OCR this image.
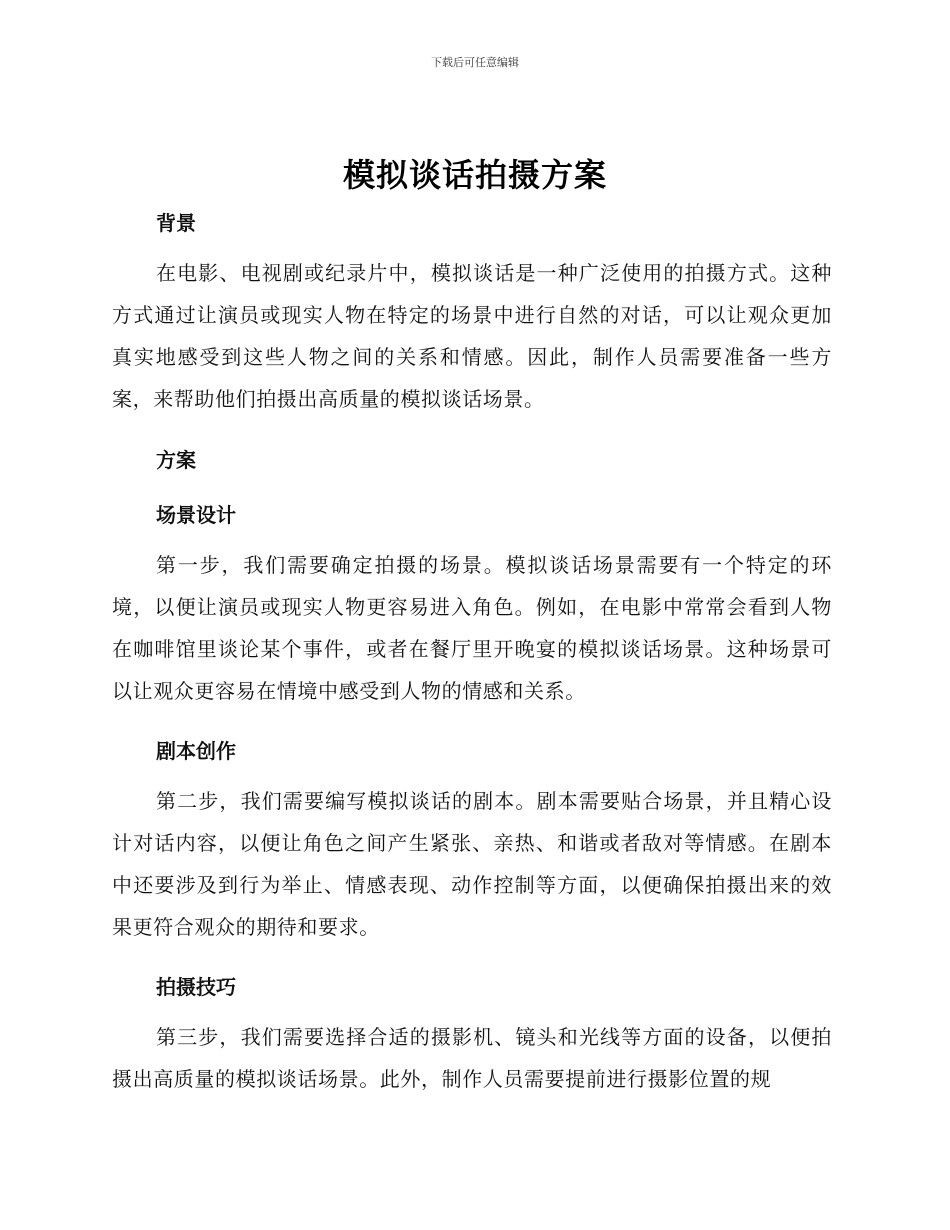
下载后可任意编辑
模拟谈话拍摄方案
背景

在电影、电视剧或纪录片中，模拟谈话是一种广泛使用的拍摄方式。这种方式通过让演员或现实人物在特定的场景中进行自然的对话，可以让观众更加真实地感受到这些人物之间的关系和情感。因此，制作人员需要准备一些方案，来帮助他们拍摄出高质量的模拟谈话场景。

方案
场景设计

第一步，我们需要确定拍摄的场景。模拟谈话场景需要有一个特定的环境，以便让演员或现实人物更容易进入角色。例如，在电影中常常会看到人物在咖啡馆里谈论某个事件，或者在餐厅里开晚宴的模拟谈话场景。这种场景可以让观众更容易在情境中感受到人物的情感和关系。

剧本创作

第二步，我们需要编写模拟谈话的剧本。剧本需要贴合场景，并且精心设计对话内容，以便让角色之间产生紧张、亲热、和谐或者敌对等情感。在剧本中还要涉及到行为举止、情感表现、动作控制等方面，以便确保拍摄出来的效果更符合观众的期待和要求。

拍摄技巧

第三步，我们需要选择合适的摄影机、镜头和光线等方面的设备，以便拍摄出高质量的模拟谈话场景。此外，制作人员需要提前进行摄影位置的规
